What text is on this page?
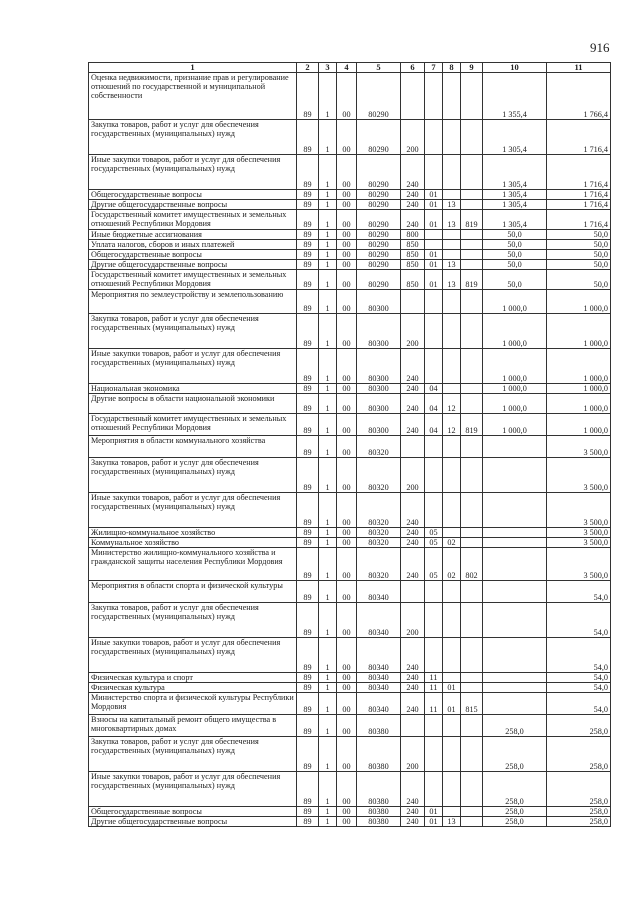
916
1	2	3	4	5	6	7	8	9	10	11
Оценка недвижимости, признание прав и регулирование отношений по государственной и муниципальной собственности	89	1	00	80290					1 355,4	1 766,4
Закупка товаров, работ и услуг для обеспечения государственных (муниципальных) нужд	89	1	00	80290	200				1 305,4	1 716,4
Иные закупки товаров, работ и услуг для обеспечения государственных (муниципальных) нужд	89	1	00	80290	240				1 305,4	1 716,4
Общегосударственные вопросы	89	1	00	80290	240	01			1 305,4	1 716,4
Другие общегосударственные вопросы	89	1	00	80290	240	01	13		1 305,4	1 716,4
Государственный комитет имущественных и земельных отношений Республики Мордовия	89	1	00	80290	240	01	13	819	1 305,4	1 716,4
Иные бюджетные ассигнования	89	1	00	80290	800				50,0	50,0
Уплата налогов, сборов и иных платежей	89	1	00	80290	850				50,0	50,0
Общегосударственные вопросы	89	1	00	80290	850	01			50,0	50,0
Другие общегосударственные вопросы	89	1	00	80290	850	01	13		50,0	50,0
Государственный комитет имущественных и земельных отношений Республики Мордовия	89	1	00	80290	850	01	13	819	50,0	50,0
Мероприятия по землеустройству и землепользованию	89	1	00	80300					1 000,0	1 000,0
Закупка товаров, работ и услуг для обеспечения государственных (муниципальных) нужд	89	1	00	80300	200				1 000,0	1 000,0
Иные закупки товаров, работ и услуг для обеспечения государственных (муниципальных) нужд	89	1	00	80300	240				1 000,0	1 000,0
Национальная экономика	89	1	00	80300	240	04			1 000,0	1 000,0
Другие вопросы в области национальной экономики	89	1	00	80300	240	04	12		1 000,0	1 000,0
Государственный комитет имущественных и земельных отношений Республики Мордовия	89	1	00	80300	240	04	12	819	1 000,0	1 000,0
Мероприятия в области коммунального хозяйства	89	1	00	80320						3 500,0
Закупка товаров, работ и услуг для обеспечения государственных (муниципальных) нужд	89	1	00	80320	200					3 500,0
Иные закупки товаров, работ и услуг для обеспечения государственных (муниципальных) нужд	89	1	00	80320	240					3 500,0
Жилищно-коммунальное хозяйство	89	1	00	80320	240	05				3 500,0
Коммунальное хозяйство	89	1	00	80320	240	05	02			3 500,0
Министерство жилищно-коммунального хозяйства и гражданской защиты населения Республики Мордовия	89	1	00	80320	240	05	02	802		3 500,0
Мероприятия в области спорта и физической культуры	89	1	00	80340						54,0
Закупка товаров, работ и услуг для обеспечения государственных (муниципальных) нужд	89	1	00	80340	200					54,0
Иные закупки товаров, работ и услуг для обеспечения государственных (муниципальных) нужд	89	1	00	80340	240					54,0
Физическая культура и спорт	89	1	00	80340	240	11				54,0
Физическая культура	89	1	00	80340	240	11	01			54,0
Министерство спорта и физической культуры Республики Мордовия	89	1	00	80340	240	11	01	815		54,0
Взносы на капитальный ремонт общего имущества в многоквартирных домах	89	1	00	80380					258,0	258,0
Закупка товаров, работ и услуг для обеспечения государственных (муниципальных) нужд	89	1	00	80380	200				258,0	258,0
Иные закупки товаров, работ и услуг для обеспечения государственных (муниципальных) нужд	89	1	00	80380	240				258,0	258,0
Общегосударственные вопросы	89	1	00	80380	240	01			258,0	258,0
Другие общегосударственные вопросы	89	1	00	80380	240	01	13		258,0	258,0
